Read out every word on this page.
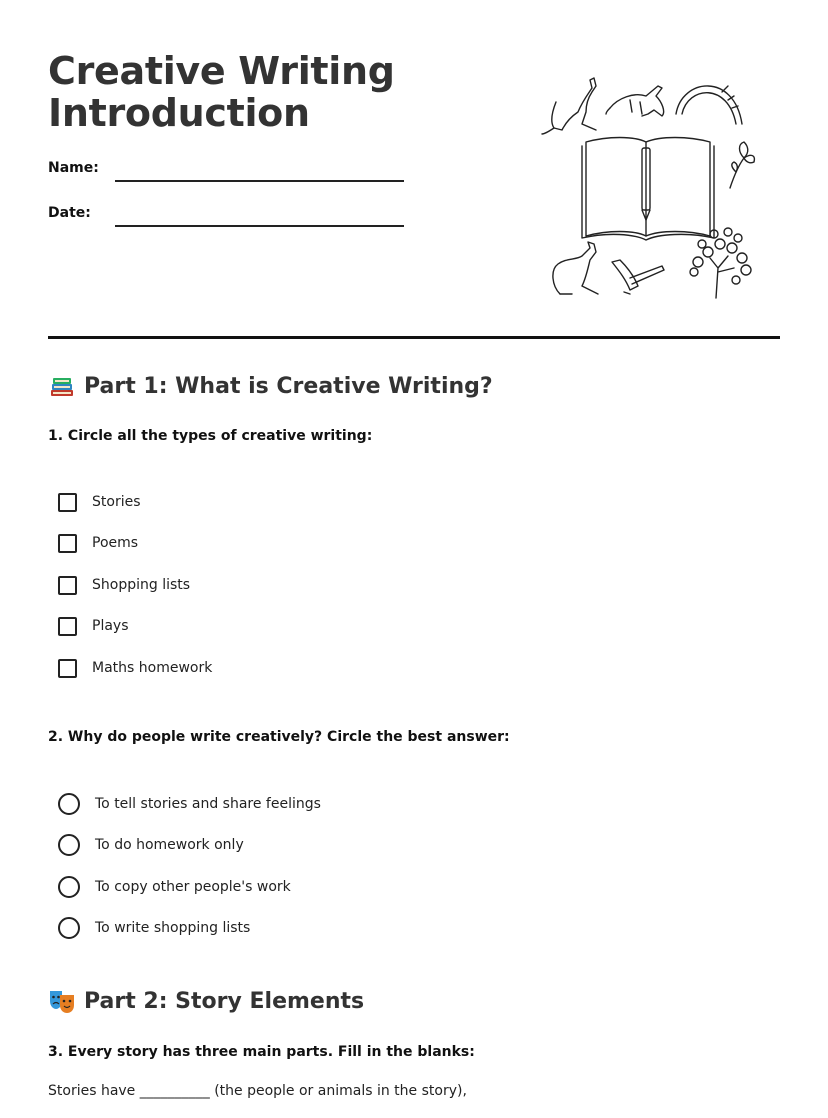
Creative Writing
Introduction
Name:
Date:
Part 1: What is Creative Writing?

1. Circle all the types of creative writing:

Stories
Poems
Shopping lists
Plays
Maths homework

2. Why do people write creatively? Circle the best answer:

To tell stories and share feelings
To do homework only
To copy other people's work
To write shopping lists
Part 2: Story Elements

3. Every story has three main parts. Fill in the blanks:

Stories have __________ (the people or animals in the story),
